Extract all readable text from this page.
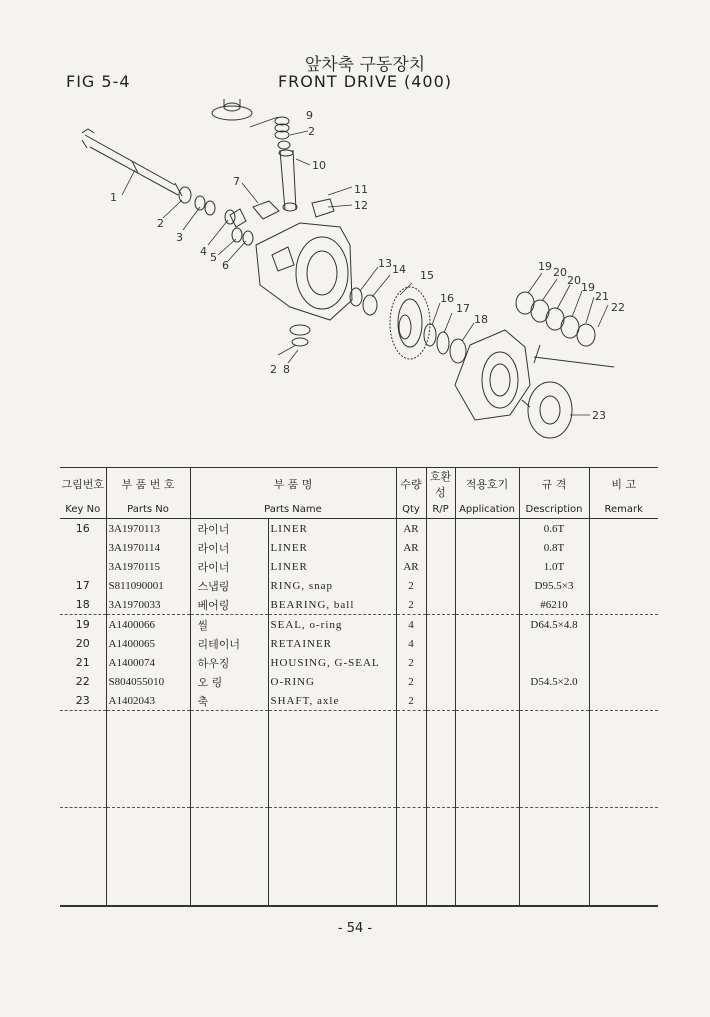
FIG 5-4
앞차축 구동장치
FRONT DRIVE (400)
1
2
3
4 5
6
7
2 8
9
2
10
11
12
13 14 15
16
17
18
19 20
20
19
21
22
23
그림번호	부 품 번 호	부 품 명		수량	호환성	적용호기	규 격	비 고
Key No	Parts No	Parts Name		Qty	R/P	Application	Description	Remark
16	3A1970113	라이너	LINER	AR			0.6T	
	3A1970114	라이너	LINER	AR			0.8T	
	3A1970115	라이너	LINER	AR			1.0T	
17	S811090001	스냅링	RING, snap	2			D95.5×3	
18	3A1970033	베어링	BEARING, ball	2			#6210	
19	A1400066	씰	SEAL, o-ring	4			D64.5×4.8	
20	A1400065	리테이너	RETAINER	4				
21	A1400074	하우징	HOUSING, G-SEAL	2				
22	S804055010	오 링	O-RING	2			D54.5×2.0	
23	A1402043	축	SHAFT, axle	2				

- 54 -
